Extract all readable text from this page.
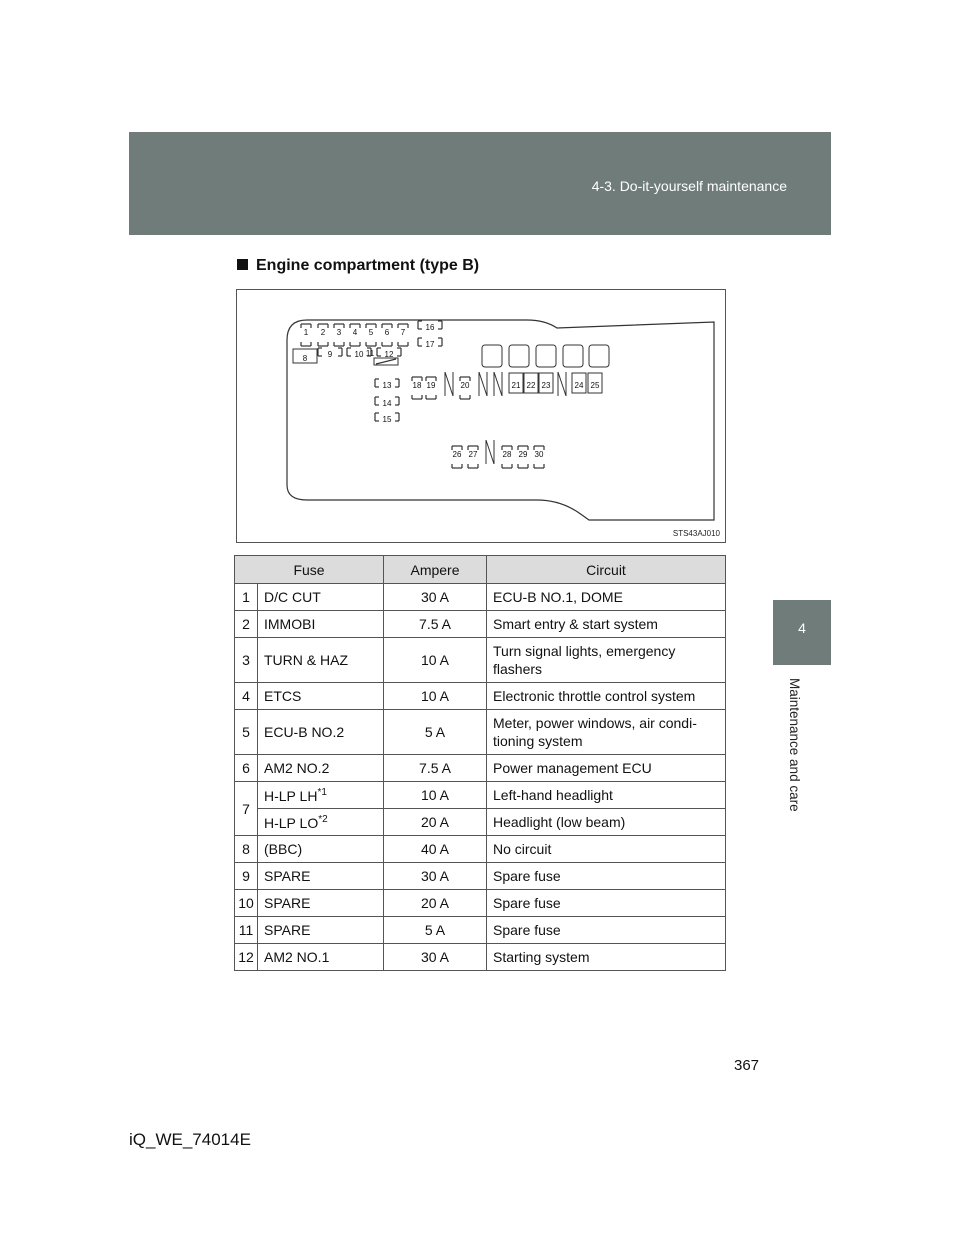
4-3. Do-it-yourself maintenance
4
Maintenance and care
Engine compartment (type B)
1 2 3 4 5 6 7
8	9	10 11 12
13
14
15
16
17
18 19	20	21 22 23	24 25
26 27	28 29 30
STS43AJ010
Fuse		Ampere	Circuit
1	D/C CUT	30 A	ECU-B NO.1, DOME
2	IMMOBI	7.5 A	Smart entry & start system
3	TURN & HAZ	10 A	Turn signal lights, emergency
flashers
4	ETCS	10 A	Electronic throttle control system
5	ECU-B NO.2	5 A	Meter, power windows, air condi-
tioning system
6	AM2 NO.2	7.5 A	Power management ECU
7	H-LP LH$^{*1}$	10 A	Left-hand headlight
	H-LP LO$^{*2}$	20 A	Headlight (low beam)
8	(BBC)	40 A	No circuit
9	SPARE	30 A	Spare fuse
10	SPARE	20 A	Spare fuse
11	SPARE	5 A	Spare fuse
12	AM2 NO.1	30 A	Starting system
367
iQ_WE_74014E
